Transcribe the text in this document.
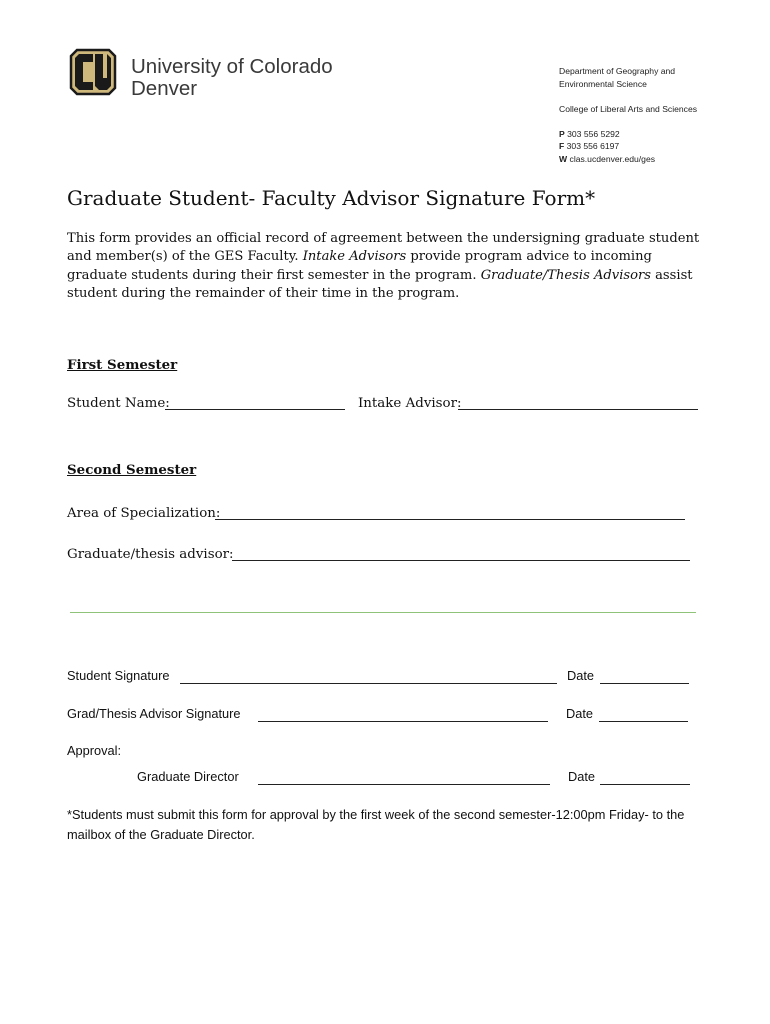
University of Colorado
Denver
Department of Geography and
Environmental Science
College of Liberal Arts and Sciences
P 303 556 5292
F 303 556 6197
W clas.ucdenver.edu/ges
Graduate Student- Faculty Advisor Signature Form*
This form provides an official record of agreement between the undersigning graduate student and member(s) of the GES Faculty. Intake Advisors provide program advice to incoming graduate students during their first semester in the program. Graduate/Thesis Advisors assist student during the remainder of their time in the program.
First Semester
Student Name:	Intake Advisor:
Second Semester
Area of Specialization:
Graduate/thesis advisor:
Student Signature	Date
Grad/Thesis Advisor Signature	Date
Approval:
Graduate Director	Date
*Students must submit this form for approval by the first week of the second semester-12:00pm Friday- to the mailbox of the Graduate Director.
